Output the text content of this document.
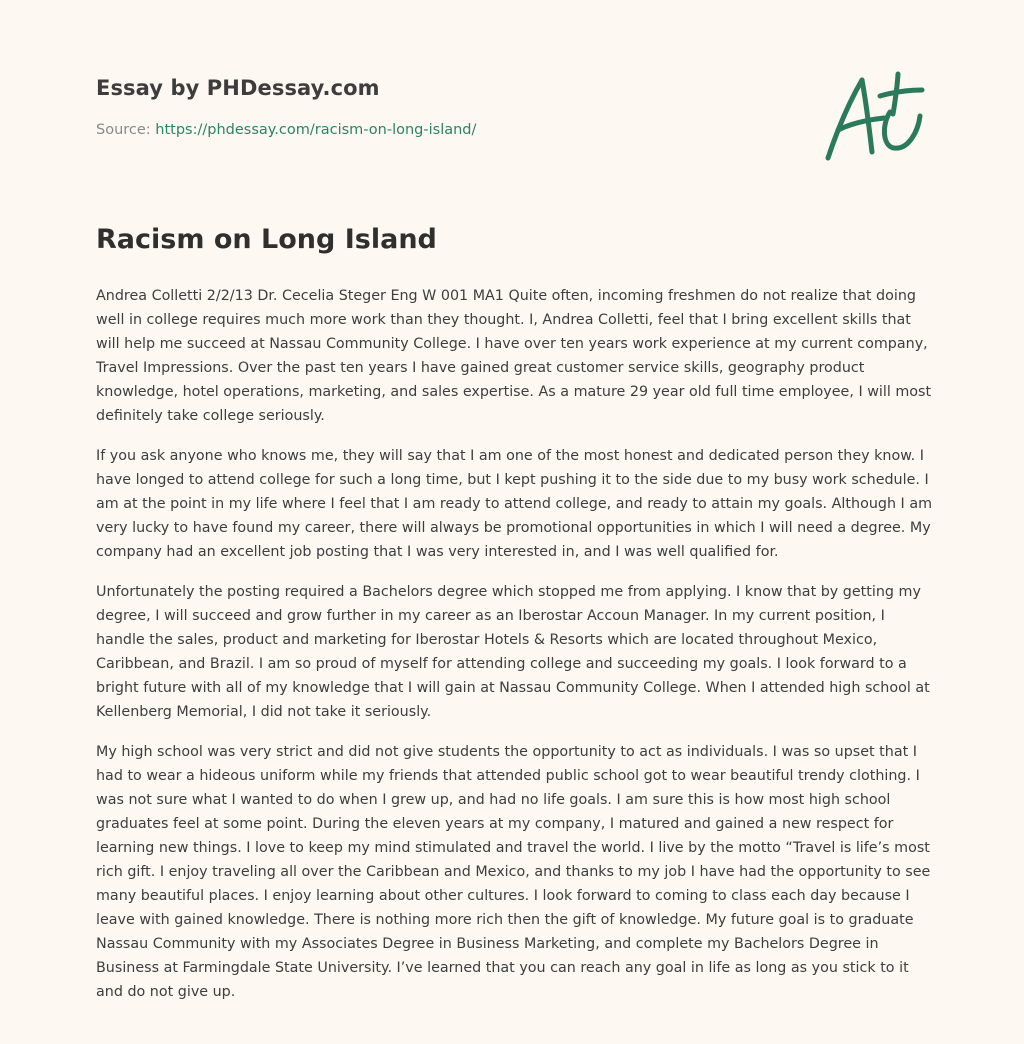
Essay by PHDessay.com

Source: https://phdessay.com/racism-on-long-island/
Racism on Long Island

Andrea Colletti 2/2/13 Dr. Cecelia Steger Eng W 001 MA1 Quite often, incoming freshmen do not realize that doing well in college requires much more work than they thought. I, Andrea Colletti, feel that I bring excellent skills that will help me succeed at Nassau Community College. I have over ten years work experience at my current company, Travel Impressions. Over the past ten years I have gained great customer service skills, geography product knowledge, hotel operations, marketing, and sales expertise. As a mature 29 year old full time employee, I will most definitely take college seriously.

If you ask anyone who knows me, they will say that I am one of the most honest and dedicated person they know. I have longed to attend college for such a long time, but I kept pushing it to the side due to my busy work schedule. I am at the point in my life where I feel that I am ready to attend college, and ready to attain my goals. Although I am very lucky to have found my career, there will always be promotional opportunities in which I will need a degree. My company had an excellent job posting that I was very interested in, and I was well qualified for.

Unfortunately the posting required a Bachelors degree which stopped me from applying. I know that by getting my degree, I will succeed and grow further in my career as an Iberostar Accoun Manager. In my current position, I handle the sales, product and marketing for Iberostar Hotels & Resorts which are located throughout Mexico, Caribbean, and Brazil. I am so proud of myself for attending college and succeeding my goals. I look forward to a bright future with all of my knowledge that I will gain at Nassau Community College. When I attended high school at Kellenberg Memorial, I did not take it seriously.

My high school was very strict and did not give students the opportunity to act as individuals. I was so upset that I had to wear a hideous uniform while my friends that attended public school got to wear beautiful trendy clothing. I was not sure what I wanted to do when I grew up, and had no life goals. I am sure this is how most high school graduates feel at some point. During the eleven years at my company, I matured and gained a new respect for learning new things. I love to keep my mind stimulated and travel the world. I live by the motto “Travel is life’s most rich gift. I enjoy traveling all over the Caribbean and Mexico, and thanks to my job I have had the opportunity to see many beautiful places. I enjoy learning about other cultures. I look forward to coming to class each day because I leave with gained knowledge. There is nothing more rich then the gift of knowledge. My future goal is to graduate Nassau Community with my Associates Degree in Business Marketing, and complete my Bachelors Degree in Business at Farmingdale State University. I’ve learned that you can reach any goal in life as long as you stick to it and do not give up.
